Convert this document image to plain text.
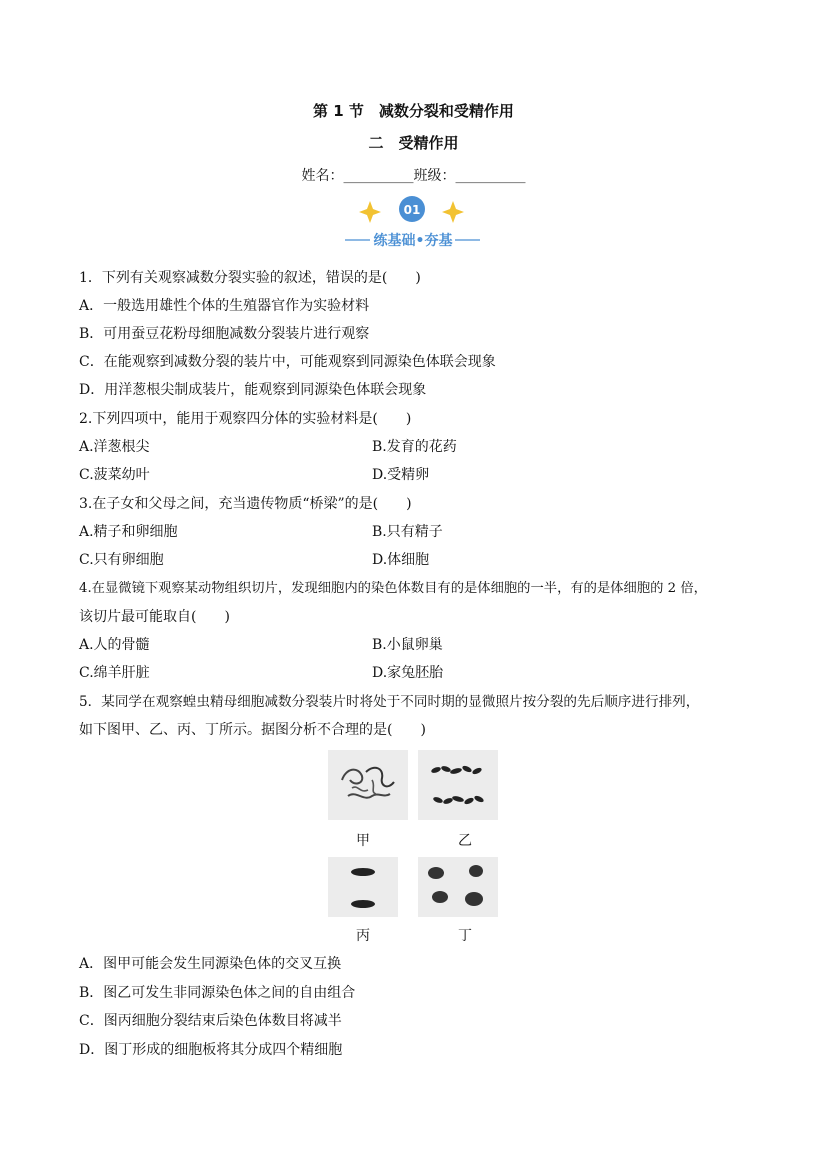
第 1 节　减数分裂和受精作用
二　受精作用
姓名：__________班级：__________
01
练基础•夯基
1．下列有关观察减数分裂实验的叙述，错误的是(　　)
A．一般选用雄性个体的生殖器官作为实验材料
B．可用蚕豆花粉母细胞减数分裂装片进行观察
C．在能观察到减数分裂的装片中，可能观察到同源染色体联会现象
D．用洋葱根尖制成装片，能观察到同源染色体联会现象
2.下列四项中，能用于观察四分体的实验材料是(　　)
A.洋葱根尖	B.发育的花药
C.菠菜幼叶	D.受精卵
3.在子女和父母之间，充当遗传物质“桥梁”的是(　　)
A.精子和卵细胞	B.只有精子
C.只有卵细胞	D.体细胞
4.在显微镜下观察某动物组织切片，发现细胞内的染色体数目有的是体细胞的一半，有的是体细胞的 2 倍，
该切片最可能取自(　　)
A.人的骨髓	B.小鼠卵巢
C.绵羊肝脏	D.家兔胚胎
5．某同学在观察蝗虫精母细胞减数分裂装片时将处于不同时期的显微照片按分裂的先后顺序进行排列，
如下图甲、乙、丙、丁所示。据图分析不合理的是(　　)
甲	乙
丙	丁
A．图甲可能会发生同源染色体的交叉互换
B．图乙可发生非同源染色体之间的自由组合
C．图丙细胞分裂结束后染色体数目将减半
D．图丁形成的细胞板将其分成四个精细胞
